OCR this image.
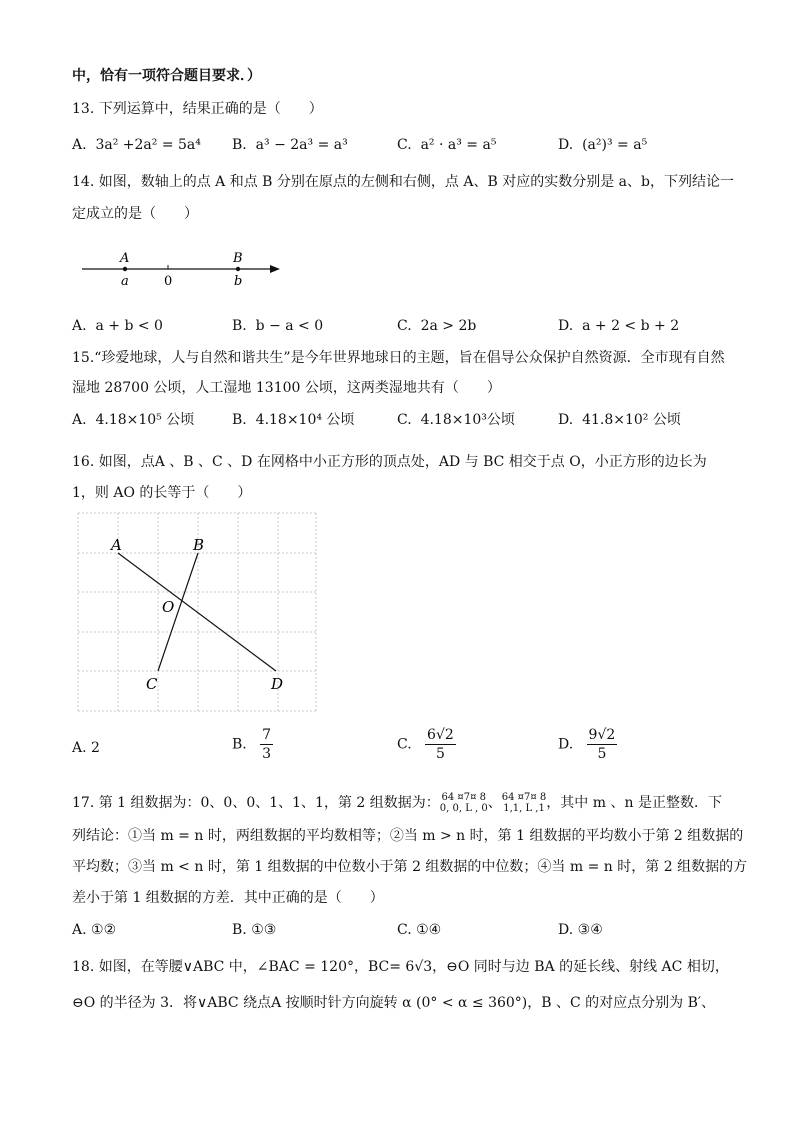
中，恰有一项符合题目要求．）
13. 下列运算中，结果正确的是（　　）
A. 3a² +2a² = 5a⁴ B. a³ − 2a³ = a³	C. a² · a³ = a⁵	D. (a²)³ = a⁵
14. 如图，数轴上的点 A 和点 B 分别在原点的左侧和右侧，点 A、B 对应的实数分别是 a、b，下列结论一
定成立的是（　　）
A	B
a	0	b
A. a + b < 0	B. b − a < 0	C. 2a > 2b	D. a + 2 < b + 2
15.“珍爱地球，人与自然和谐共生”是今年世界地球日的主题，旨在倡导公众保护自然资源．全市现有自然
湿地 28700 公顷，人工湿地 13100 公顷，这两类湿地共有（　　）
A. 4.18×10⁵ 公顷	B. 4.18×10⁴ 公顷	C. 4.18×10³公顷	D. 41.8×10² 公顷
16. 如图，点A 、B 、C 、D 在网格中小正方形的顶点处，AD 与 BC 相交于点 O，小正方形的边长为
1，则 AO 的长等于（　　）
A	B
O
C	D
A. 2	B. $\frac{7}{3}$	C. $\frac{6√2}{5}$	D. $\frac{9√2}{5}$
17. 第 1 组数据为：0、0、0、1、1、1，第 2 组数据为： 64 ¤7¤ 8
0, 0, L , 0 、 64 ¤7¤ 8
1,1, L ,1 ，其中 m 、n 是正整数．下
列结论：①当 m = n 时，两组数据的平均数相等；②当 m > n 时，第 1 组数据的平均数小于第 2 组数据的
平均数；③当 m < n 时，第 1 组数据的中位数小于第 2 组数据的中位数；④当 m = n 时，第 2 组数据的方
差小于第 1 组数据的方差．其中正确的是（　　）
A. ①②	B. ①③	C. ①④	D. ③④
18. 如图，在等腰∨ABC 中，∠BAC = 120°，BC= 6√3，⊖O 同时与边 BA 的延长线、射线 AC 相切，
⊖O 的半径为 3．将∨ABC 绕点A 按顺时针方向旋转 α (0° < α ≤ 360°)，B 、C 的对应点分别为 B′、
